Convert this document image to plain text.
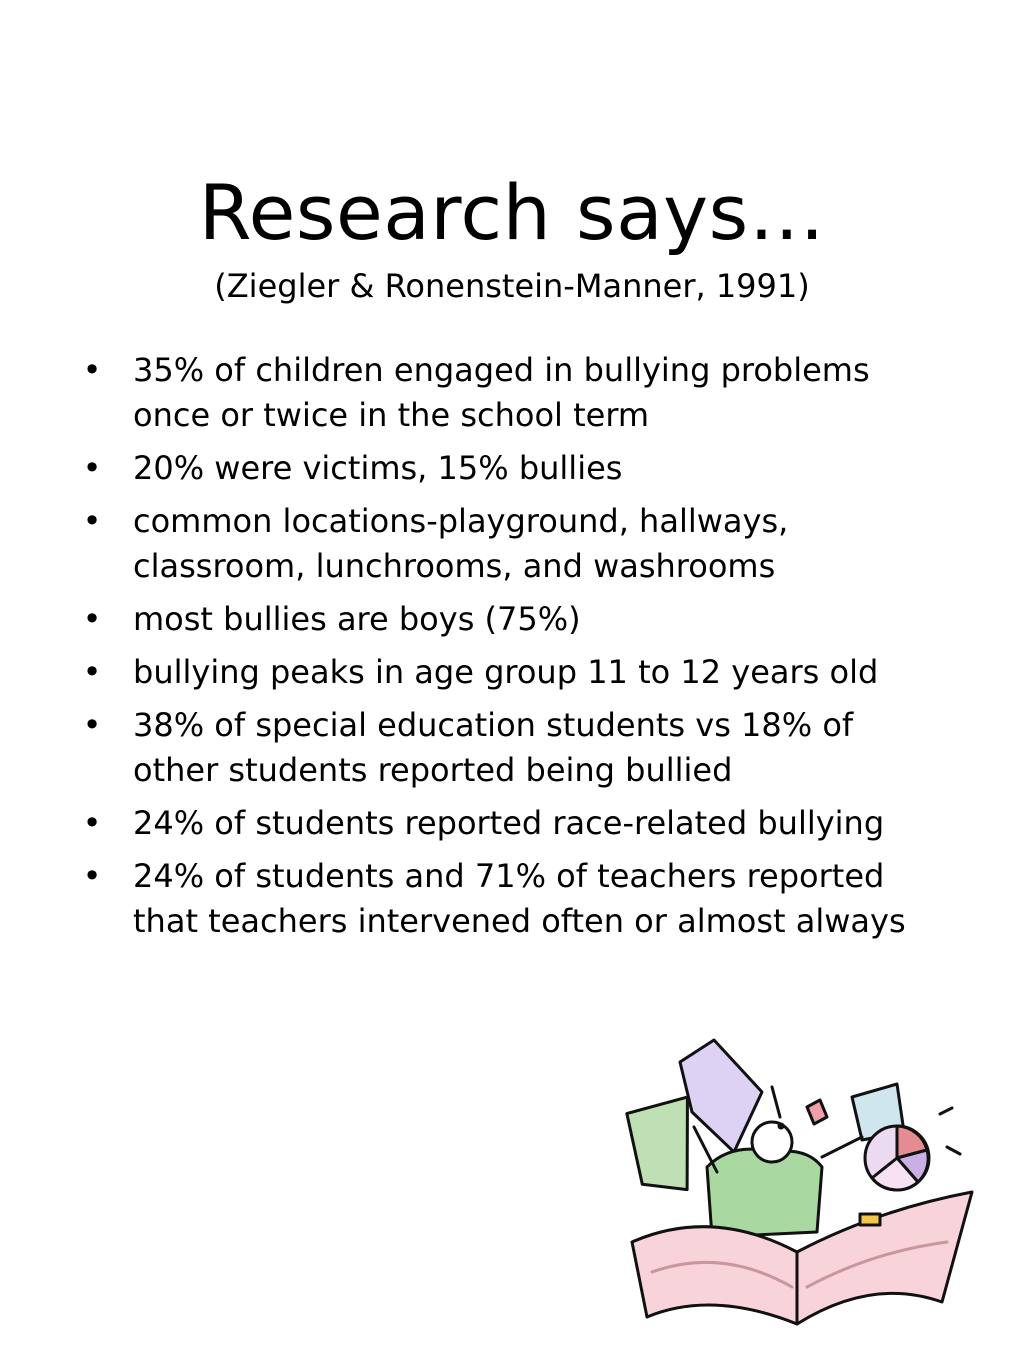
Research says…
(Ziegler & Ronenstein-Manner, 1991)
• 35% of children engaged in bullying problems once or twice in the school term
• 20% were victims, 15% bullies
• common locations-playground, hallways, classroom, lunchrooms, and washrooms
• most bullies are boys (75%)
• bullying peaks in age group 11 to 12 years old
• 38% of special education students vs 18% of other students reported being bullied
• 24% of students reported race-related bullying
• 24% of students and 71% of teachers reported that teachers intervened often or almost always
